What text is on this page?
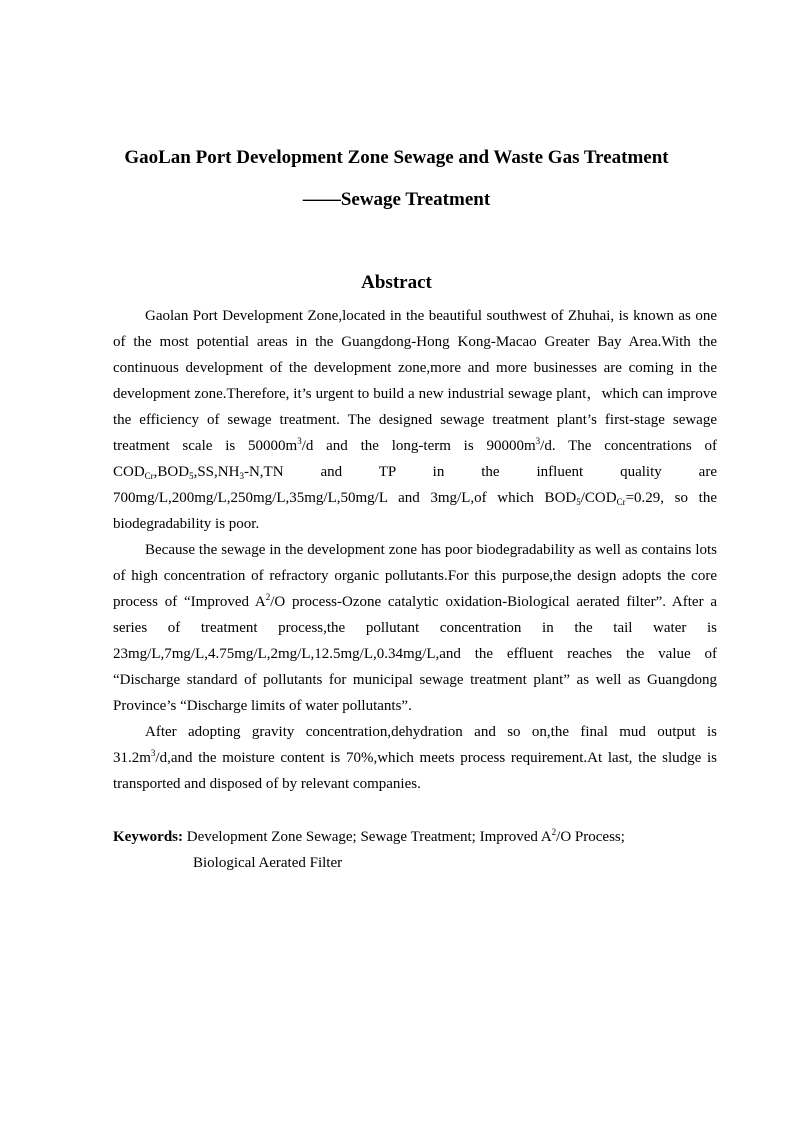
GaoLan Port Development Zone Sewage and Waste Gas Treatment
——Sewage Treatment
Abstract

Gaolan Port Development Zone,located in the beautiful southwest of Zhuhai, is known as one of the most potential areas in the Guangdong-Hong Kong-Macao Greater Bay Area.With the continuous development of the development zone,more and more businesses are coming in the development zone.Therefore, it’s urgent to build a new industrial sewage plant，which can improve the efficiency of sewage treatment. The designed sewage treatment plant’s first-stage sewage treatment scale is $50000m^3/d$ and the long-term is $90000m^3/d$. The concentrations of $COD_{Cr},BOD_5,SS,NH_3-N,TN$ and TP in the influent quality are 700mg/L,200mg/L,250mg/L,35mg/L,50mg/L and 3mg/L,of which $BOD_5/COD_{Cr}=0.29$, so the biodegradability is poor.

Because the sewage in the development zone has poor biodegradability as well as contains lots of high concentration of refractory organic pollutants.For this purpose,the design adopts the core process of “Improved $A^2/O$ process-Ozone catalytic oxidation-Biological aerated filter”. After a series of treatment process,the pollutant concentration in the tail water is 23mg/L,7mg/L,4.75mg/L,2mg/L,12.5mg/L,0.34mg/L,and the effluent reaches the value of “Discharge standard of pollutants for municipal sewage treatment plant” as well as Guangdong Province’s “Discharge limits of water pollutants”.

After adopting gravity concentration,dehydration and so on,the final mud output is $31.2m^3/d,and$ the moisture content is 70%,which meets process requirement.At last, the sludge is transported and disposed of by relevant companies.

Keywords: Development Zone Sewage; Sewage Treatment; Improved $A^2/O$ Process;
Biological Aerated Filter
